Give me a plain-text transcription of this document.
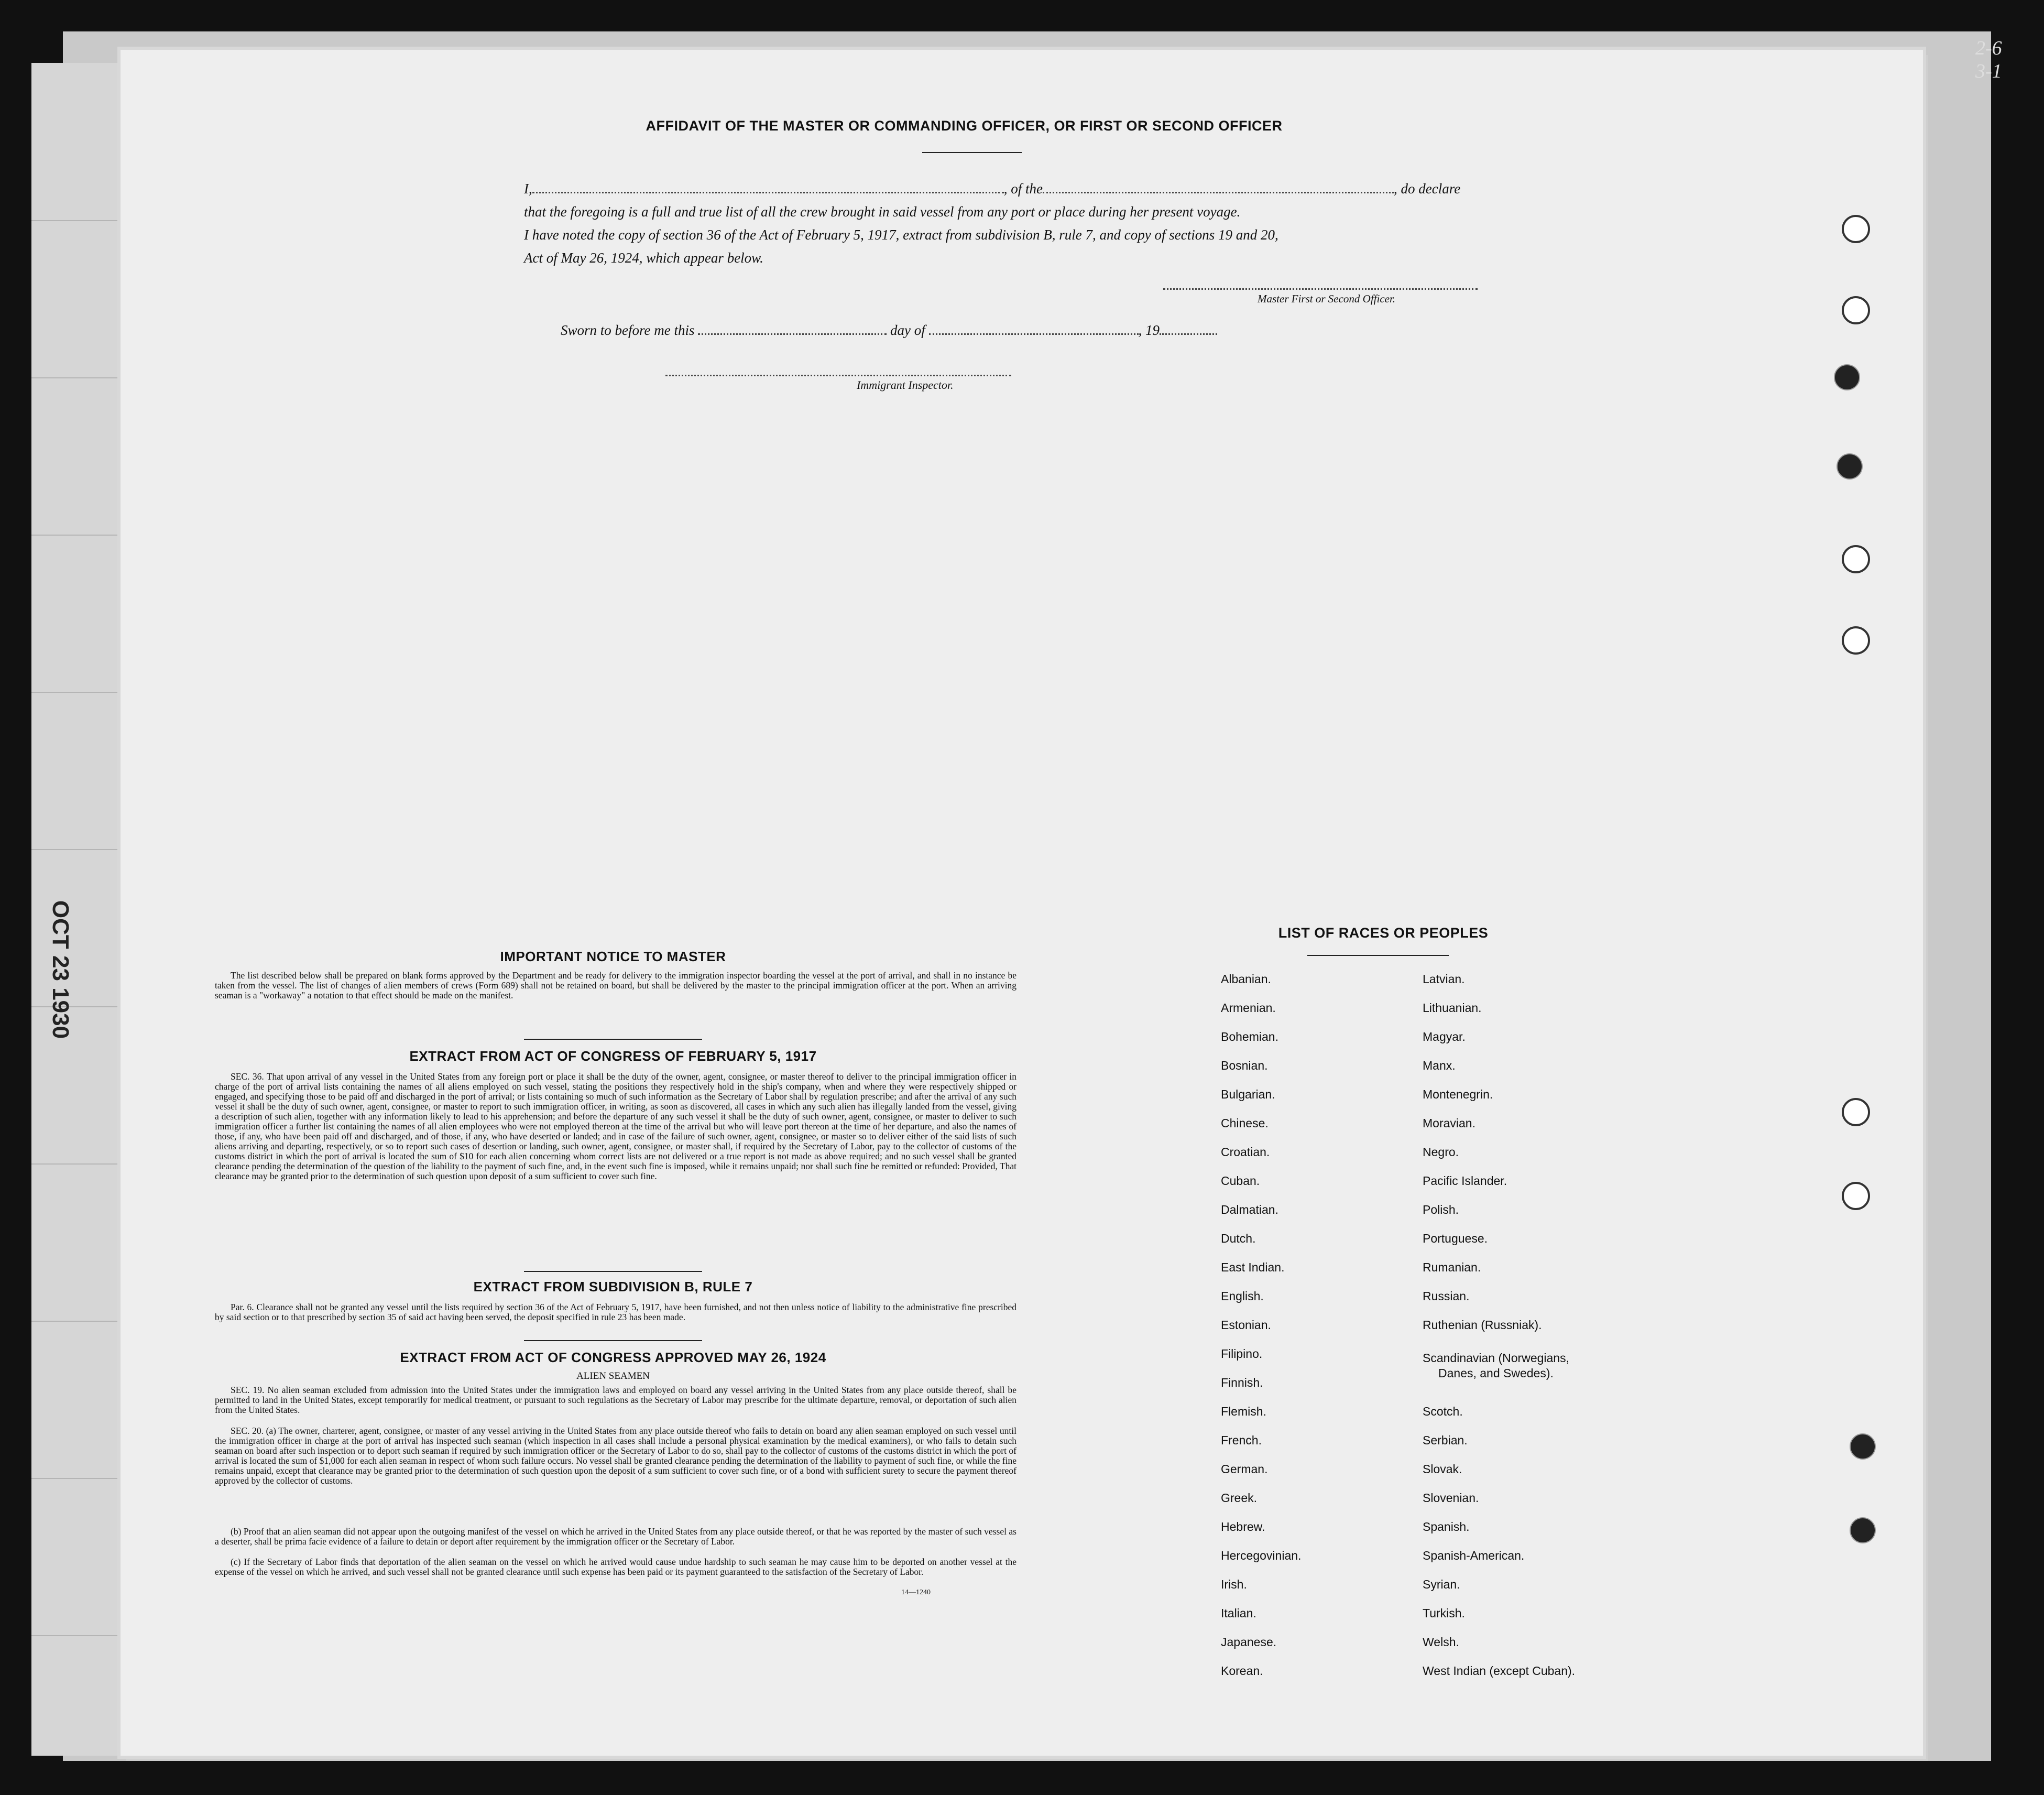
OCT 23 1930
2-6
3-1
AFFIDAVIT OF THE MASTER OR COMMANDING OFFICER, OR FIRST OR SECOND OFFICER
I,	, of the	, do declare
that the foregoing is a full and true list of all the crew brought in said vessel from any port or place during her present voyage.
I have noted the copy of section 36 of the Act of February 5, 1917, extract from subdivision B, rule 7, and copy of sections 19 and 20,
Act of May 26, 1924, which appear below.
Master First or Second Officer.
Sworn to before me this	day of	, 19
Immigrant Inspector.
IMPORTANT NOTICE TO MASTER
The list described below shall be prepared on blank forms approved by the Department and be ready for delivery to the immigration inspector boarding the vessel at the port of arrival, and shall in no instance be taken from the vessel. The list of changes of alien members of crews (Form 689) shall not be retained on board, but shall be delivered by the master to the principal immigration officer at the port. When an arriving seaman is a "workaway" a notation to that effect should be made on the manifest.
EXTRACT FROM ACT OF CONGRESS OF FEBRUARY 5, 1917
SEC. 36. That upon arrival of any vessel in the United States from any foreign port or place it shall be the duty of the owner, agent, consignee, or master thereof to deliver to the principal immigration officer in charge of the port of arrival lists containing the names of all aliens employed on such vessel, stating the positions they respectively hold in the ship's company, when and where they were respectively shipped or engaged, and specifying those to be paid off and discharged in the port of arrival; or lists containing so much of such information as the Secretary of Labor shall by regulation prescribe; and after the arrival of any such vessel it shall be the duty of such owner, agent, consignee, or master to report to such immigration officer, in writing, as soon as discovered, all cases in which any such alien has illegally landed from the vessel, giving a description of such alien, together with any information likely to lead to his apprehension; and before the departure of any such vessel it shall be the duty of such owner, agent, consignee, or master to deliver to such immigration officer a further list containing the names of all alien employees who were not employed thereon at the time of the arrival but who will leave port thereon at the time of her departure, and also the names of those, if any, who have been paid off and discharged, and of those, if any, who have deserted or landed; and in case of the failure of such owner, agent, consignee, or master so to deliver either of the said lists of such aliens arriving and departing, respectively, or so to report such cases of desertion or landing, such owner, agent, consignee, or master shall, if required by the Secretary of Labor, pay to the collector of customs of the customs district in which the port of arrival is located the sum of $10 for each alien concerning whom correct lists are not delivered or a true report is not made as above required; and no such vessel shall be granted clearance pending the determination of the question of the liability to the payment of such fine, and, in the event such fine is imposed, while it remains unpaid; nor shall such fine be remitted or refunded: Provided, That clearance may be granted prior to the determination of such question upon deposit of a sum sufficient to cover such fine.
EXTRACT FROM SUBDIVISION B, RULE 7
Par. 6. Clearance shall not be granted any vessel until the lists required by section 36 of the Act of February 5, 1917, have been furnished, and not then unless notice of liability to the administrative fine prescribed by said section or to that prescribed by section 35 of said act having been served, the deposit specified in rule 23 has been made.
EXTRACT FROM ACT OF CONGRESS APPROVED MAY 26, 1924
ALIEN SEAMEN
SEC. 19. No alien seaman excluded from admission into the United States under the immigration laws and employed on board any vessel arriving in the United States from any place outside thereof, shall be permitted to land in the United States, except temporarily for medical treatment, or pursuant to such regulations as the Secretary of Labor may prescribe for the ultimate departure, removal, or deportation of such alien from the United States.
SEC. 20. (a) The owner, charterer, agent, consignee, or master of any vessel arriving in the United States from any place outside thereof who fails to detain on board any alien seaman employed on such vessel until the immigration officer in charge at the port of arrival has inspected such seaman (which inspection in all cases shall include a personal physical examination by the medical examiners), or who fails to detain such seaman on board after such inspection or to deport such seaman if required by such immigration officer or the Secretary of Labor to do so, shall pay to the collector of customs of the customs district in which the port of arrival is located the sum of $1,000 for each alien seaman in respect of whom such failure occurs. No vessel shall be granted clearance pending the determination of the liability to payment of such fine, or while the fine remains unpaid, except that clearance may be granted prior to the determination of such question upon the deposit of a sum sufficient to cover such fine, or of a bond with sufficient surety to secure the payment thereof approved by the collector of customs.
(b) Proof that an alien seaman did not appear upon the outgoing manifest of the vessel on which he arrived in the United States from any place outside thereof, or that he was reported by the master of such vessel as a deserter, shall be prima facie evidence of a failure to detain or deport after requirement by the immigration officer or the Secretary of Labor.
(c) If the Secretary of Labor finds that deportation of the alien seaman on the vessel on which he arrived would cause undue hardship to such seaman he may cause him to be deported on another vessel at the expense of the vessel on which he arrived, and such vessel shall not be granted clearance until such expense has been paid or its payment guaranteed to the satisfaction of the Secretary of Labor.
14—1240
LIST OF RACES OR PEOPLES
Albanian.
Armenian.
Bohemian.
Bosnian.
Bulgarian.
Chinese.
Croatian.
Cuban.
Dalmatian.
Dutch.
East Indian.
English.
Estonian.
Filipino.
Finnish.
Flemish.
French.
German.
Greek.
Hebrew.
Hercegovinian.
Irish.
Italian.
Japanese.
Korean.
Latvian.
Lithuanian.
Magyar.
Manx.
Montenegrin.
Moravian.
Negro.
Pacific Islander.
Polish.
Portuguese.
Rumanian.
Russian.
Ruthenian (Russniak).
Scandinavian (Norwegians,
Danes, and Swedes).
Scotch.
Serbian.
Slovak.
Slovenian.
Spanish.
Spanish-American.
Syrian.
Turkish.
Welsh.
West Indian (except Cuban).
